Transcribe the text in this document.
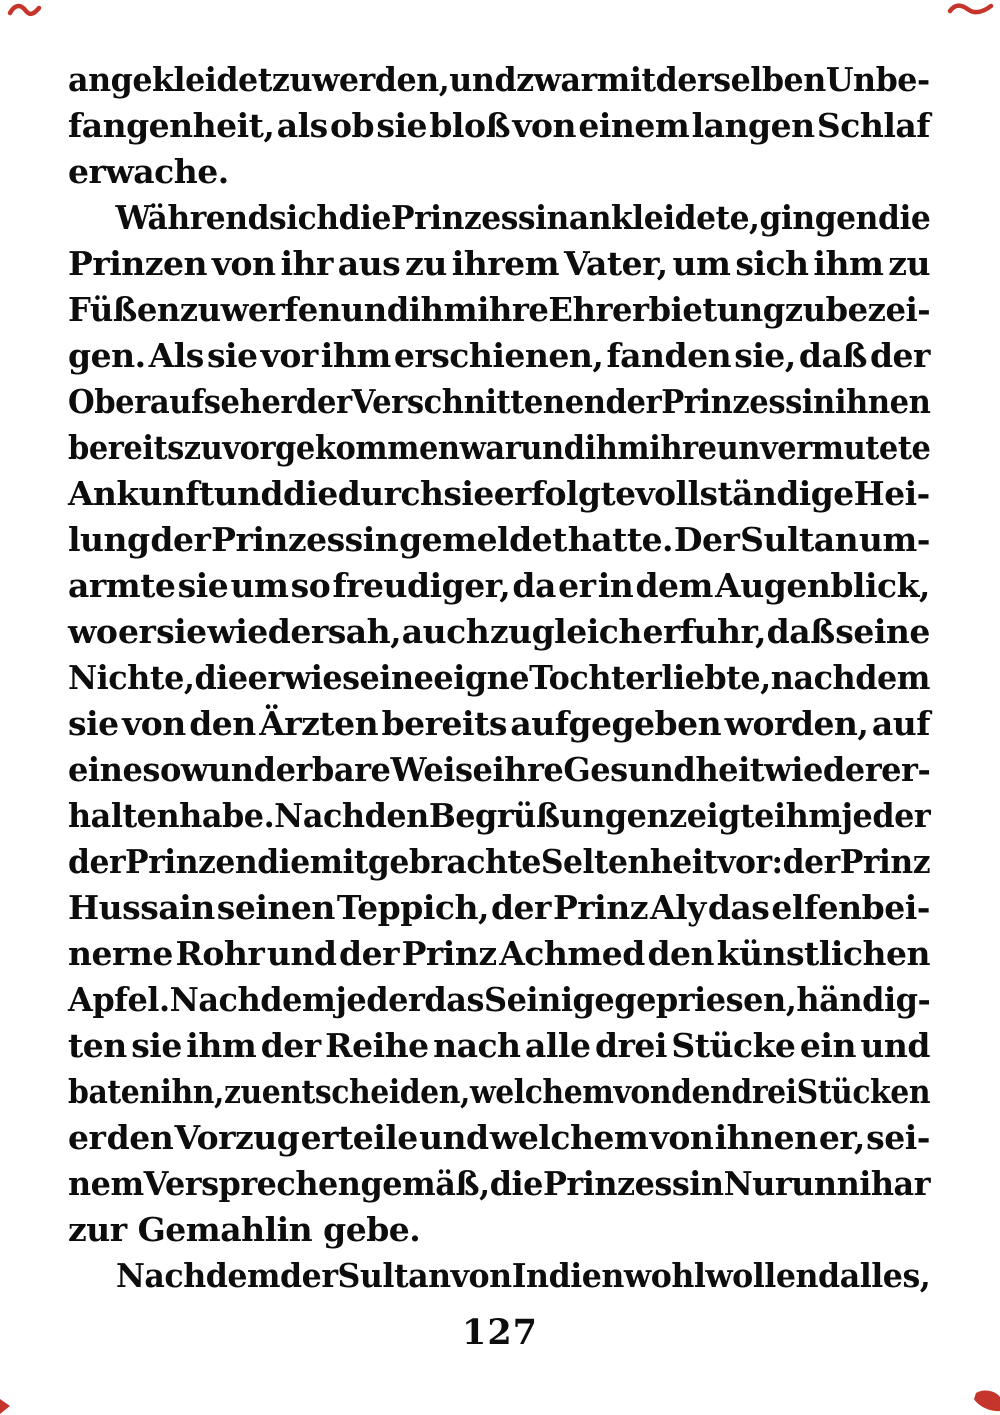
angekleidet zu werden, und zwar mit derselben Unbe-
fangenheit, als ob sie bloß von einem langen Schlaf
erwache.
Während sich die Prinzessin ankleidete, gingen die
Prinzen von ihr aus zu ihrem Vater, um sich ihm zu
Füßen zu werfen und ihm ihre Ehrerbietung zu bezei-
gen. Als sie vor ihm erschienen, fanden sie, daß der
Oberaufseher der Verschnittenen der Prinzessin ihnen
bereits zuvorgekommen war und ihm ihre unvermutete
Ankunft und die durch sie erfolgte vollständige Hei-
lung der Prinzessin gemeldet hatte. Der Sultan um-
armte sie um so freudiger, da er in dem Augenblick,
wo er sie wiedersah, auch zugleich erfuhr, daß seine
Nichte, die er wie seine eigne Tochter liebte, nachdem
sie von den Ärzten bereits aufgegeben worden, auf
eine so wunderbare Weise ihre Gesundheit wiederer-
halten habe. Nach den Begrüßungen zeigte ihm jeder
der Prinzen die mitgebrachte Seltenheit vor: der Prinz
Hussain seinen Teppich, der Prinz Aly das elfenbei-
nerne Rohr und der Prinz Achmed den künstlichen
Apfel. Nachdem jeder das Seinige gepriesen, händig-
ten sie ihm der Reihe nach alle drei Stücke ein und
baten ihn, zu entscheiden, welchem von den drei Stücken
er den Vorzug erteile und welchem von ihnen er, sei-
nem Versprechen gemäß, die Prinzessin Nurunnihar
zur Gemahlin gebe.
Nachdem der Sultan von Indien wohlwollend alles,
127
